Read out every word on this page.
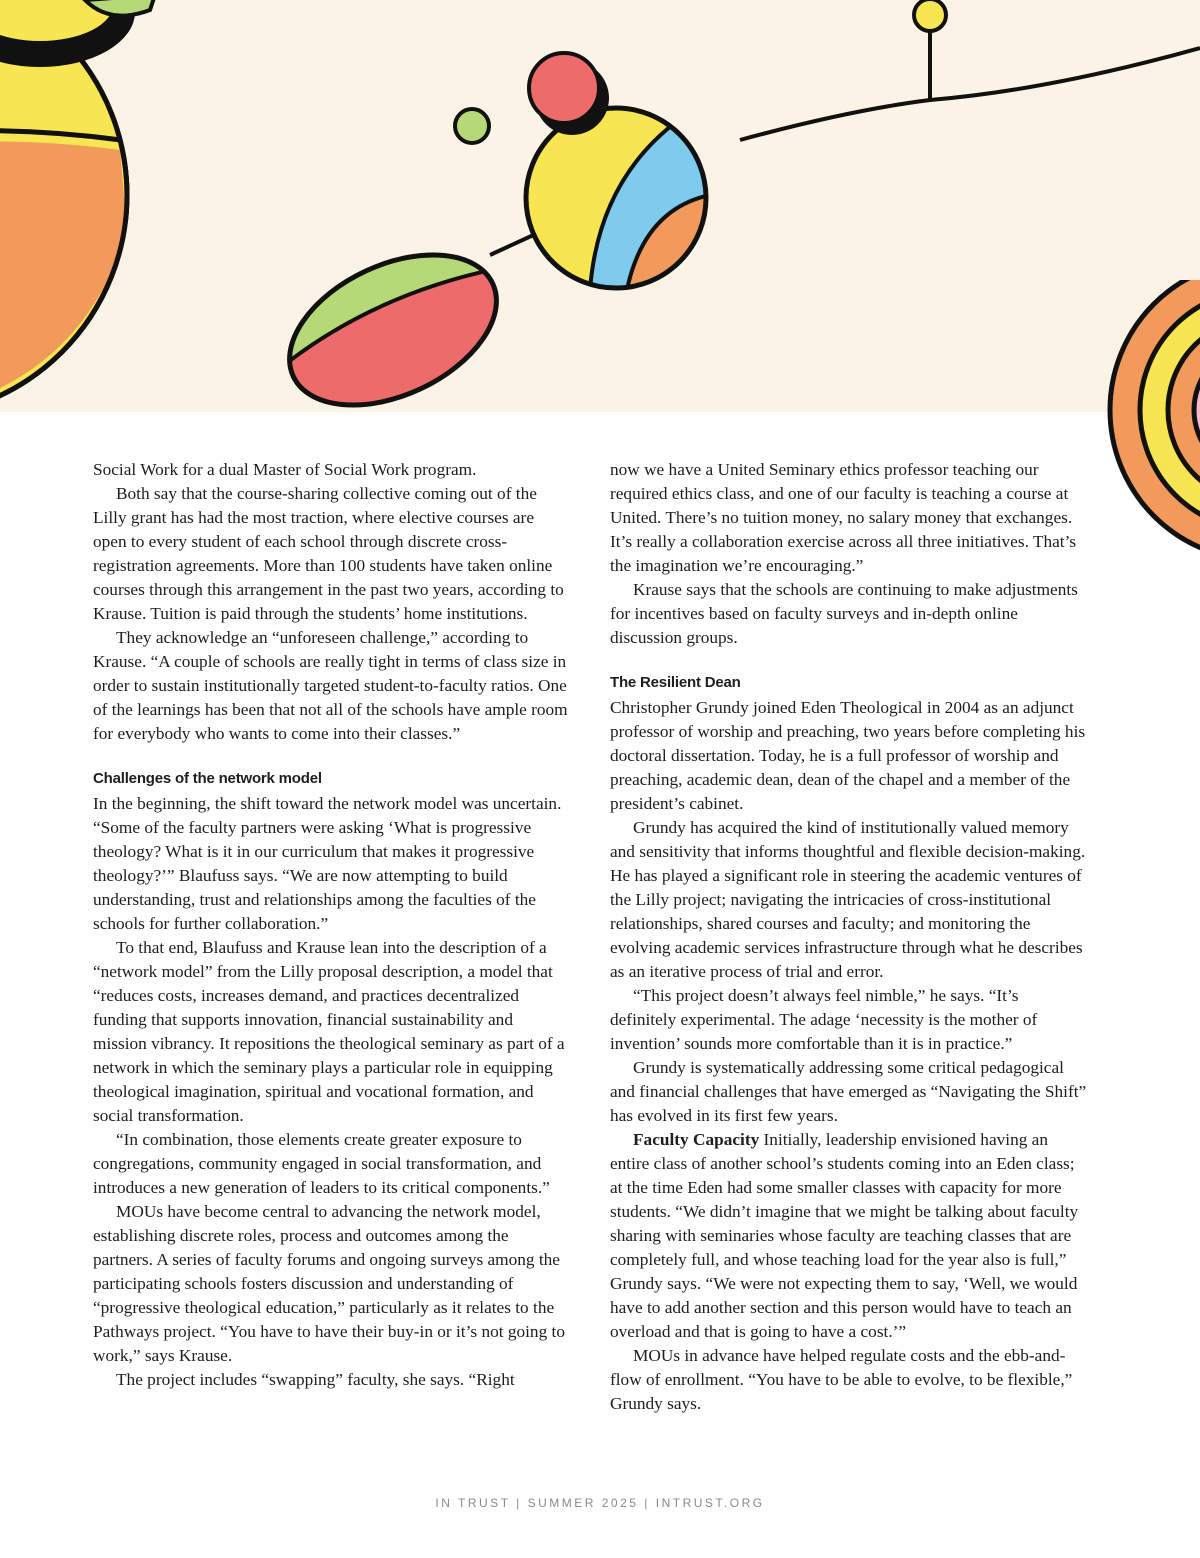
Social Work for a dual Master of Social Work program.

Both say that the course-sharing collective coming out of the Lilly grant has had the most traction, where elective courses are open to every student of each school through discrete cross-registration agreements. More than 100 students have taken online courses through this arrangement in the past two years, according to Krause. Tuition is paid through the students’ home institutions.

They acknowledge an “unforeseen challenge,” according to Krause. “A couple of schools are really tight in terms of class size in order to sustain institutionally targeted student-to-faculty ratios. One of the learnings has been that not all of the schools have ample room for everybody who wants to come into their classes.”

Challenges of the network model

In the beginning, the shift toward the network model was uncertain. “Some of the faculty partners were asking ‘What is progressive theology? What is it in our curriculum that makes it progressive theology?’” Blaufuss says. “We are now attempting to build understanding, trust and relationships among the faculties of the schools for further collaboration.”

To that end, Blaufuss and Krause lean into the description of a “network model” from the Lilly proposal description, a model that “reduces costs, increases demand, and practices decentralized funding that supports innovation, financial sustainability and mission vibrancy. It repositions the theological seminary as part of a network in which the seminary plays a particular role in equipping theological imagination, spiritual and vocational formation, and social transformation.

“In combination, those elements create greater exposure to congregations, community engaged in social transformation, and introduces a new generation of leaders to its critical components.”

MOUs have become central to advancing the network model, establishing discrete roles, process and outcomes among the partners. A series of faculty forums and ongoing surveys among the participating schools fosters discussion and understanding of “progressive theological education,” particularly as it relates to the Pathways project. “You have to have their buy-in or it’s not going to work,” says Krause.

The project includes “swapping” faculty, she says. “Right

now we have a United Seminary ethics professor teaching our required ethics class, and one of our faculty is teaching a course at United. There’s no tuition money, no salary money that exchanges. It’s really a collaboration exercise across all three initiatives. That’s the imagination we’re encouraging.”

Krause says that the schools are continuing to make adjustments for incentives based on faculty surveys and in-depth online discussion groups.

The Resilient Dean

Christopher Grundy joined Eden Theological in 2004 as an adjunct professor of worship and preaching, two years before completing his doctoral dissertation. Today, he is a full professor of worship and preaching, academic dean, dean of the chapel and a member of the president’s cabinet.

Grundy has acquired the kind of institutionally valued memory and sensitivity that informs thoughtful and flexible decision-making. He has played a significant role in steering the academic ventures of the Lilly project; navigating the intricacies of cross-institutional relationships, shared courses and faculty; and monitoring the evolving academic services infrastructure through what he describes as an iterative process of trial and error.

“This project doesn’t always feel nimble,” he says. “It’s definitely experimental. The adage ‘necessity is the mother of invention’ sounds more comfortable than it is in practice.”

Grundy is systematically addressing some critical pedagogical and financial challenges that have emerged as “Navigating the Shift” has evolved in its first few years.

Faculty Capacity Initially, leadership envisioned having an entire class of another school’s students coming into an Eden class; at the time Eden had some smaller classes with capacity for more students. “We didn’t imagine that we might be talking about faculty sharing with seminaries whose faculty are teaching classes that are completely full, and whose teaching load for the year also is full,” Grundy says. “We were not expecting them to say, ‘Well, we would have to add another section and this person would have to teach an overload and that is going to have a cost.’”

MOUs in advance have helped regulate costs and the ebb-and-flow of enrollment. “You have to be able to evolve, to be flexible,” Grundy says.

IN TRUST | SUMMER 2025 | INTRUST.ORG
